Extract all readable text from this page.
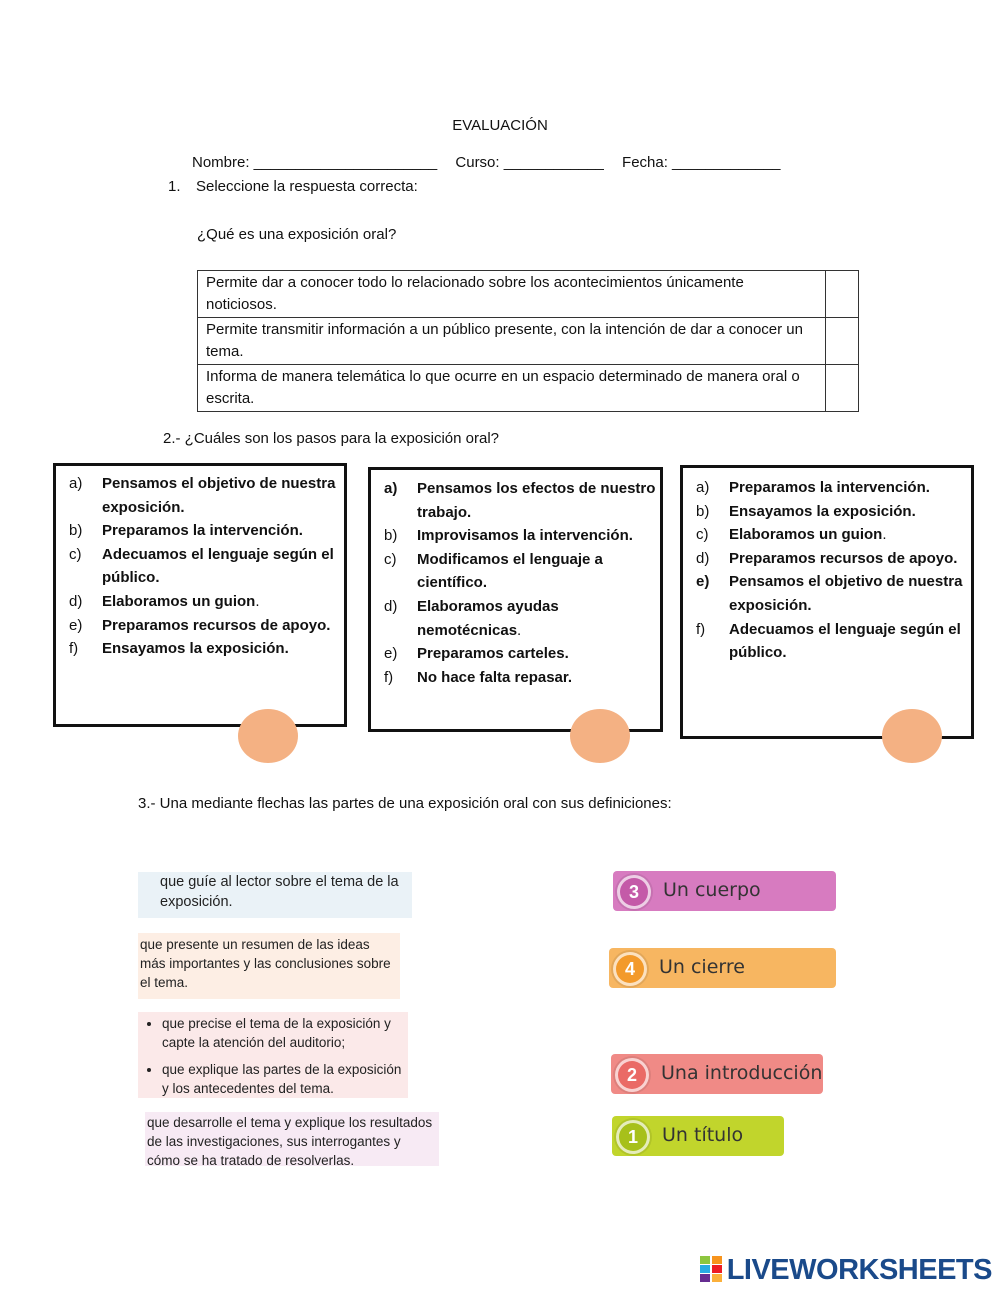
EVALUACIÓN
Nombre: ______________________ Curso: ____________ Fecha: _____________
1. Seleccione la respuesta correcta:
¿Qué es una exposición oral?
Permite dar a conocer todo lo relacionado sobre los acontecimientos únicamente noticiosos.	
Permite transmitir información a un público presente, con la intención de dar a conocer un tema.	
Informa de manera telemática lo que ocurre en un espacio determinado de manera oral o escrita.	
2.- ¿Cuáles son los pasos para la exposición oral?
a) Pensamos el objetivo de nuestra exposición.
b) Preparamos la intervención.
c) Adecuamos el lenguaje según el público.
d) Elaboramos un guion.
e) Preparamos recursos de apoyo.
f) Ensayamos la exposición.
a) Pensamos los efectos de nuestro trabajo.
b) Improvisamos la intervención.
c) Modificamos el lenguaje a científico.
d) Elaboramos ayudas nemotécnicas.
e) Preparamos carteles.
f) No hace falta repasar.
a) Preparamos la intervención.
b) Ensayamos la exposición.
c) Elaboramos un guion.
d) Preparamos recursos de apoyo.
e) Pensamos el objetivo de nuestra exposición.
f) Adecuamos el lenguaje según el público.
3.- Una mediante flechas las partes de una exposición oral con sus definiciones:
que guíe al lector sobre el tema de la exposición.
que presente un resumen de las ideas más importantes y las conclusiones sobre el tema.
• que precise el tema de la exposición y capte la atención del auditorio;
• que explique las partes de la exposición y los antecedentes del tema.
que desarrolle el tema y explique los resultados de las investigaciones, sus interrogantes y cómo se ha tratado de resolverlas.
3	Un cuerpo
4	Un cierre
2	Una introducción
1	Un título
LIVEWORKSHEETS
